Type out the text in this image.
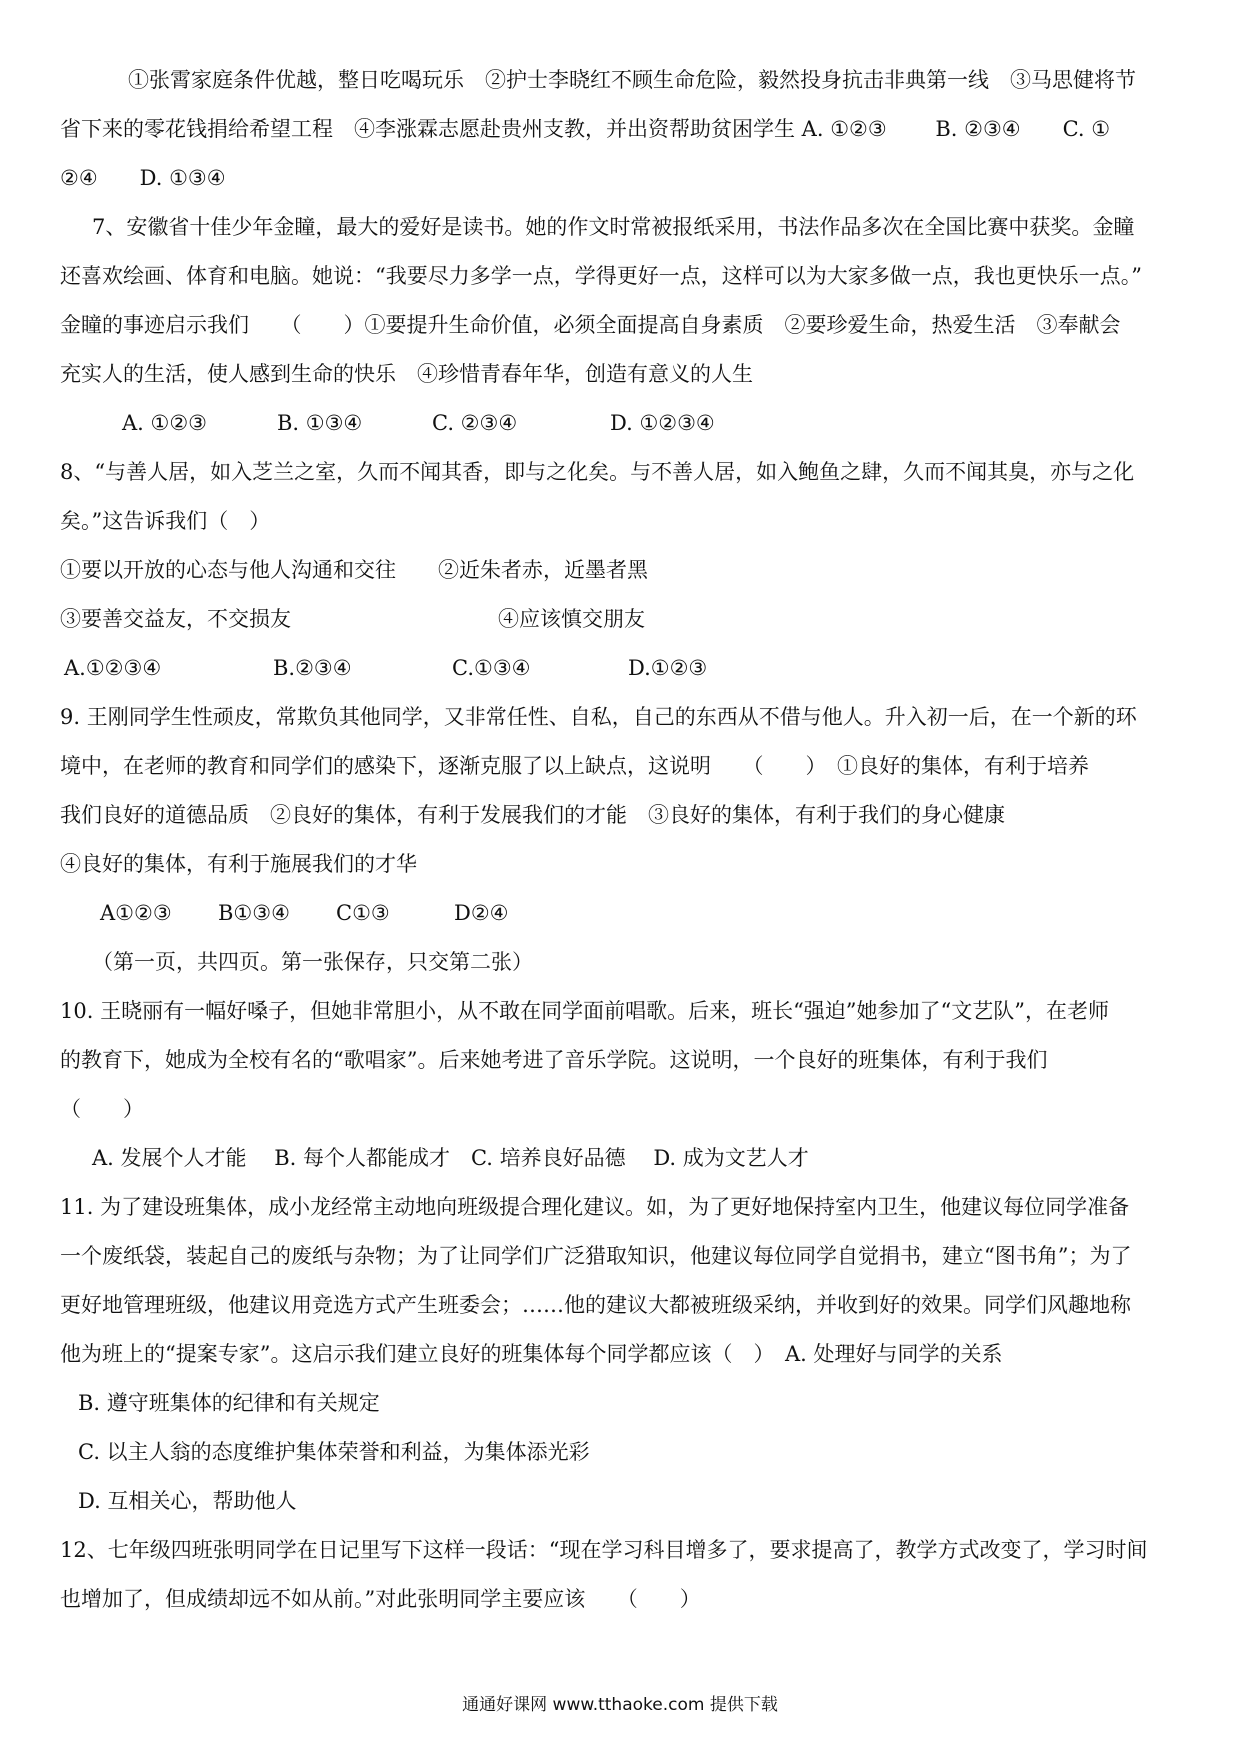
①张霄家庭条件优越，整日吃喝玩乐　②护士李晓红不顾生命危险，毅然投身抗击非典第一线　③马思健将节
省下来的零花钱捐给希望工程　④李涨霖志愿赴贵州支教，并出资帮助贫困学生 A. ①②③　　 B. ②③④　　C. ①
②④　　D. ①③④
7、安徽省十佳少年金瞳，最大的爱好是读书。她的作文时常被报纸采用，书法作品多次在全国比赛中获奖。金瞳
还喜欢绘画、体育和电脑。她说：“我要尽力多学一点，学得更好一点，这样可以为大家多做一点，我也更快乐一点。”
金瞳的事迹启示我们　　（　　）①要提升生命价值，必须全面提高自身素质　②要珍爱生命，热爱生活　③奉献会
充实人的生活，使人感到生命的快乐　④珍惜青春年华，创造有意义的人生
A. ①②③	B. ①③④	C. ②③④	D. ①②③④
8、“与善人居，如入芝兰之室，久而不闻其香，即与之化矣。与不善人居，如入鲍鱼之肆，久而不闻其臭，亦与之化
矣。”这告诉我们（　）
①要以开放的心态与他人沟通和交往　　②近朱者赤，近墨者黑
③要善交益友，不交损友	④应该慎交朋友
A.①②③④	B.②③④	C.①③④	D.①②③
9. 王刚同学生性顽皮，常欺负其他同学，又非常任性、自私，自己的东西从不借与他人。升入初一后，在一个新的环
境中，在老师的教育和同学们的感染下，逐渐克服了以上缺点，这说明　　（　　）　①良好的集体，有利于培养
我们良好的道德品质　②良好的集体，有利于发展我们的才能　③良好的集体，有利于我们的身心健康
④良好的集体，有利于施展我们的才华
A①②③	B①③④	C①③	D②④
（第一页，共四页。第一张保存，只交第二张）
10. 王晓丽有一幅好嗓子，但她非常胆小，从不敢在同学面前唱歌。后来，班长“强迫”她参加了“文艺队”，在老师
的教育下，她成为全校有名的“歌唱家”。后来她考进了音乐学院。这说明，一个良好的班集体，有利于我们
（　　）
A. 发展个人才能　 B. 每个人都能成才　C. 培养良好品德　 D. 成为文艺人才
11. 为了建设班集体，成小龙经常主动地向班级提合理化建议。如，为了更好地保持室内卫生，他建议每位同学准备
一个废纸袋，装起自己的废纸与杂物；为了让同学们广泛猎取知识，他建议每位同学自觉捐书，建立“图书角”；为了
更好地管理班级，他建议用竞选方式产生班委会；……他的建议大都被班级采纳，并收到好的效果。同学们风趣地称
他为班上的“提案专家”。这启示我们建立良好的班集体每个同学都应该（　）　A. 处理好与同学的关系
B. 遵守班集体的纪律和有关规定
C. 以主人翁的态度维护集体荣誉和利益，为集体添光彩
D. 互相关心，帮助他人
12、七年级四班张明同学在日记里写下这样一段话：“现在学习科目增多了，要求提高了，教学方式改变了，学习时间
也增加了，但成绩却远不如从前。”对此张明同学主要应该　　（　　）
通通好课网 www.tthaoke.com 提供下载
